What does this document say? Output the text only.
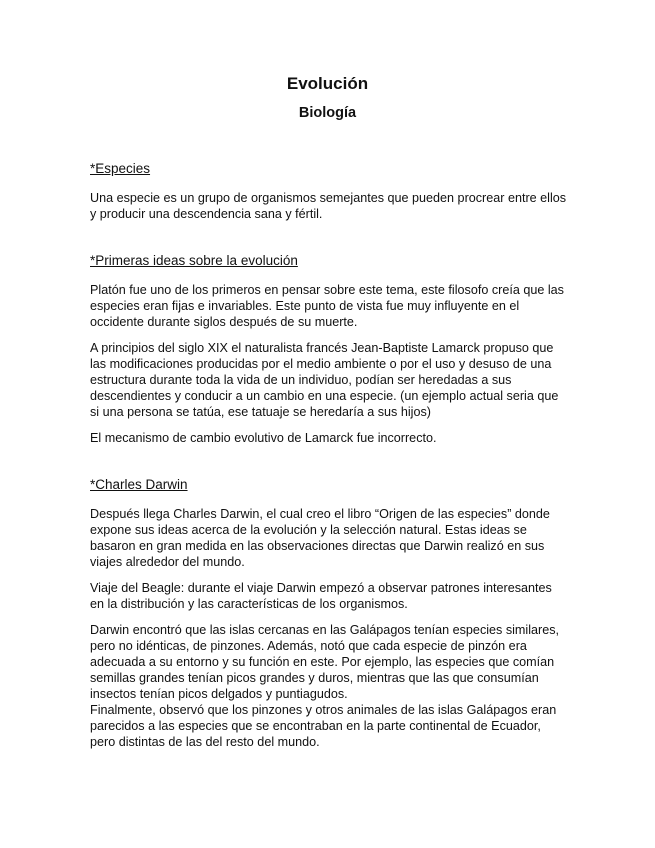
Evolución
Biología

*Especies

Una especie es un grupo de organismos semejantes que pueden procrear entre ellos y producir una descendencia sana y fértil.

*Primeras ideas sobre la evolución

Platón fue uno de los primeros en pensar sobre este tema, este filosofo creía que las especies eran fijas e invariables. Este punto de vista fue muy influyente en el occidente durante siglos después de su muerte.

A principios del siglo XIX el naturalista francés Jean-Baptiste Lamarck propuso que las modificaciones producidas por el medio ambiente o por el uso y desuso de una estructura durante toda la vida de un individuo, podían ser heredadas a sus descendientes y conducir a un cambio en una especie. (un ejemplo actual seria que si una persona se tatúa, ese tatuaje se heredaría a sus hijos)

El mecanismo de cambio evolutivo de Lamarck fue incorrecto.

*Charles Darwin

Después llega Charles Darwin, el cual creo el libro “Origen de las especies” donde expone sus ideas acerca de la evolución y la selección natural. Estas ideas se basaron en gran medida en las observaciones directas que Darwin realizó en sus viajes alrededor del mundo.

Viaje del Beagle: durante el viaje Darwin empezó a observar patrones interesantes en la distribución y las características de los organismos.

Darwin encontró que las islas cercanas en las Galápagos tenían especies similares, pero no idénticas, de pinzones. Además, notó que cada especie de pinzón era adecuada a su entorno y su función en este. Por ejemplo, las especies que comían semillas grandes tenían picos grandes y duros, mientras que las que consumían insectos tenían picos delgados y puntiagudos.

Finalmente, observó que los pinzones y otros animales de las islas Galápagos eran parecidos a las especies que se encontraban en la parte continental de Ecuador, pero distintas de las del resto del mundo.
